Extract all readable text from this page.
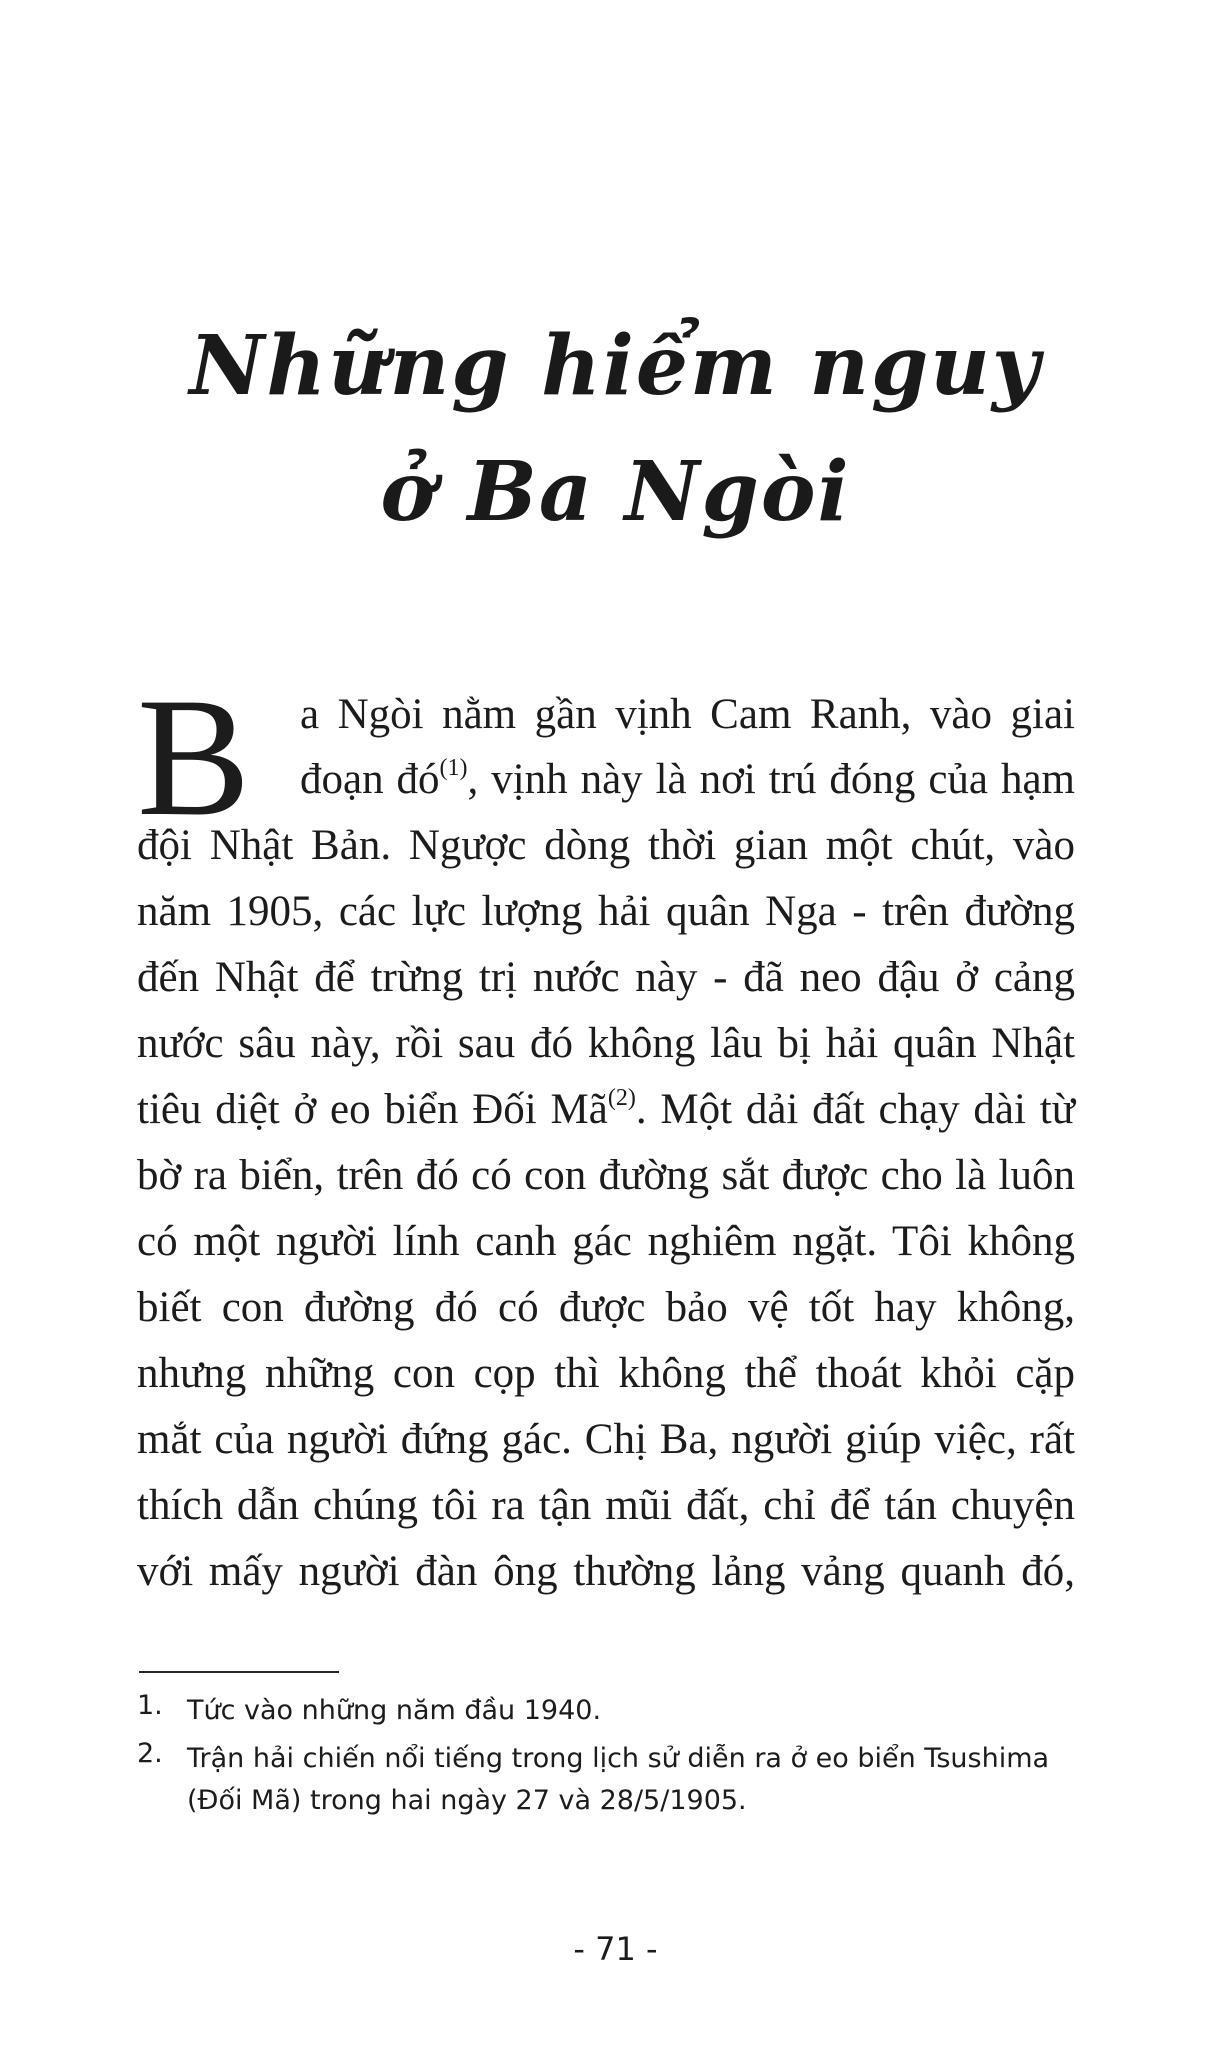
Những hiểm nguy
ở Ba Ngòi
B a Ngòi nằm gần vịnh Cam Ranh, vào giai
đoạn $đó^{(1)}$, vịnh này là nơi trú đóng của hạm
đội Nhật Bản. Ngược dòng thời gian một chút, vào
năm 1905, các lực lượng hải quân Nga - trên đường
đến Nhật để trừng trị nước này - đã neo đậu ở cảng
nước sâu này, rồi sau đó không lâu bị hải quân Nhật
tiêu diệt ở eo biển Đối $Mã^{(2)}$. Một dải đất chạy dài từ
bờ ra biển, trên đó có con đường sắt được cho là luôn
có một người lính canh gác nghiêm ngặt. Tôi không
biết con đường đó có được bảo vệ tốt hay không,
nhưng những con cọp thì không thể thoát khỏi cặp
mắt của người đứng gác. Chị Ba, người giúp việc, rất
thích dẫn chúng tôi ra tận mũi đất, chỉ để tán chuyện
với mấy người đàn ông thường lảng vảng quanh đó,
1. Tức vào những năm đầu 1940.
2. Trận hải chiến nổi tiếng trong lịch sử diễn ra ở eo biển Tsushima (Đối Mã) trong hai ngày 27 và 28/5/1905.
- 71 -
